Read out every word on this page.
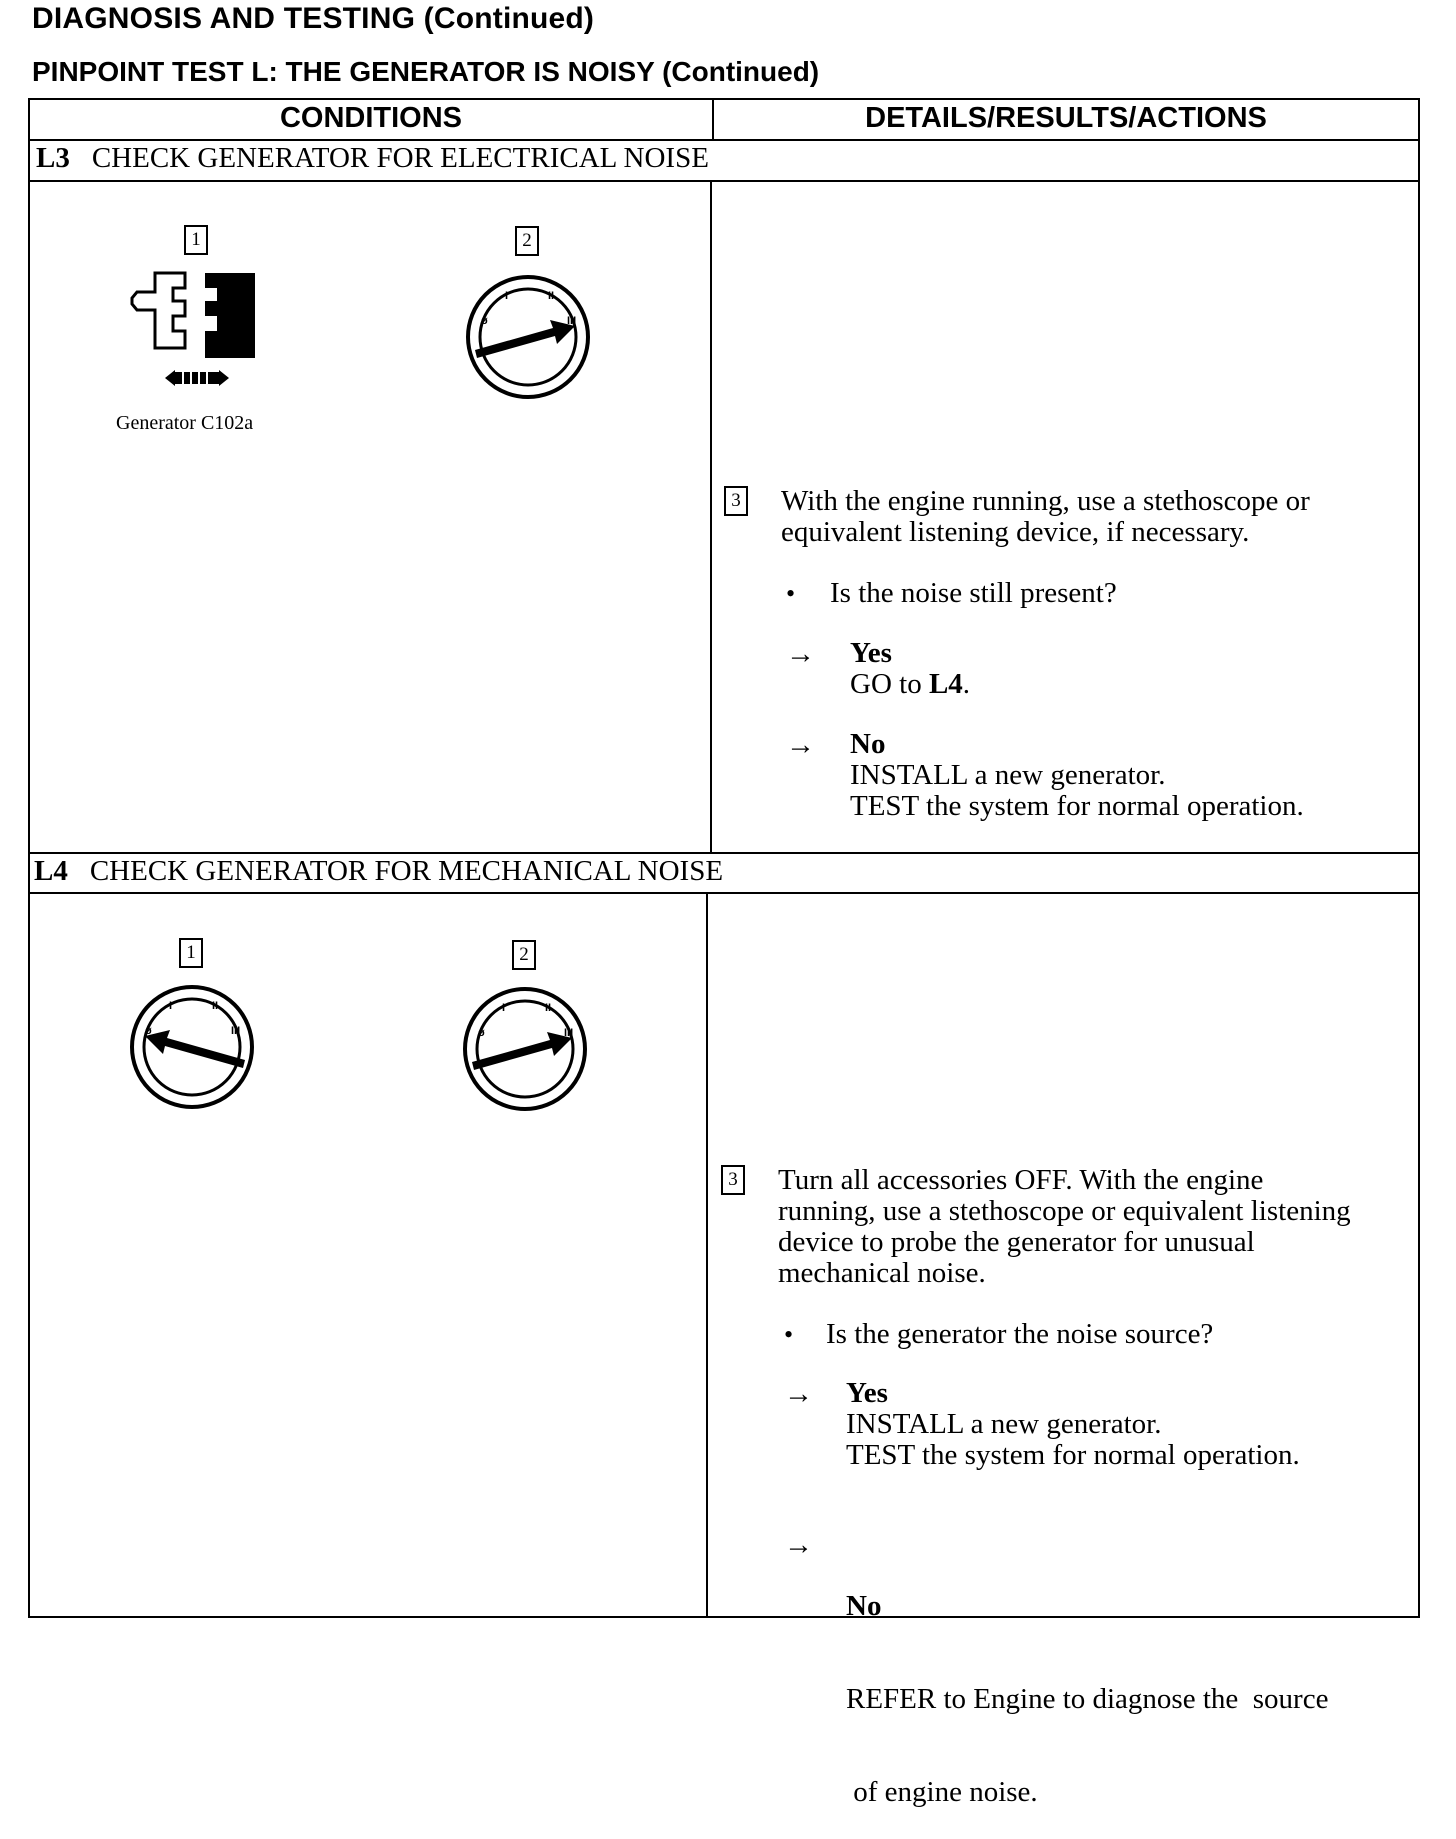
DIAGNOSIS AND TESTING (Continued)
PINPOINT TEST L: THE GENERATOR IS NOISY (Continued)
CONDITIONS	DETAILS/RESULTS/ACTIONS
L3 CHECK GENERATOR FOR ELECTRICAL NOISE
1
Generator C102a
2
ø
I	II
III
3 With the engine running, use a stethoscope or
equivalent listening device, if necessary.
• Is the noise still present?
→ Yes
GO to L4.
→ No
INSTALL a new generator.
TEST the system for normal operation.
L4 CHECK GENERATOR FOR MECHANICAL NOISE
1
ø
I	II
III
2
ø
I	II
III
3 Turn all accessories OFF. With the engine
running, use a stethoscope or equivalent listening
device to probe the generator for unusual
mechanical noise.
• Is the generator the noise source?
→ Yes
INSTALL a new generator.
TEST the system for normal operation.
→

No

REFER to Engine to diagnose the  source

of engine noise.
